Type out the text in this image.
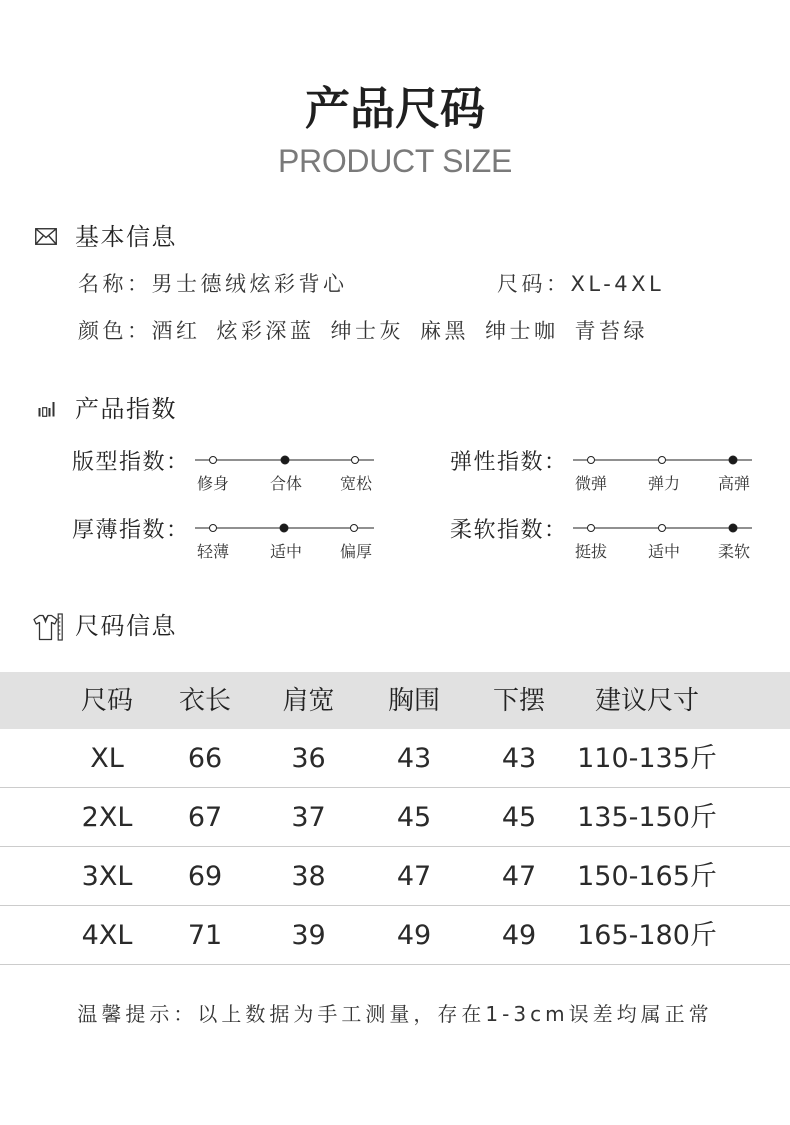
产品尺码
PRODUCT SIZE
基本信息
名称： 男士德绒炫彩背心	尺码： XL-4XL
颜色： 酒红 炫彩深蓝 绅士灰 麻黑 绅士咖 青苔绿
产品指数
版型指数：
修身	合体	宽松
弹性指数：
微弹	弹力	高弹
厚薄指数：
轻薄	适中	偏厚
柔软指数：
挺拔	适中	柔软
尺码信息
尺码	衣长	肩宽	胸围	下摆	建议尺寸
XL	66	36	43	43	110-135斤
2XL	67	37	45	45	135-150斤
3XL	69	38	47	47	150-165斤
4XL	71	39	49	49	165-180斤
温馨提示：以上数据为手工测量，存在1-3cm误差均属正常
